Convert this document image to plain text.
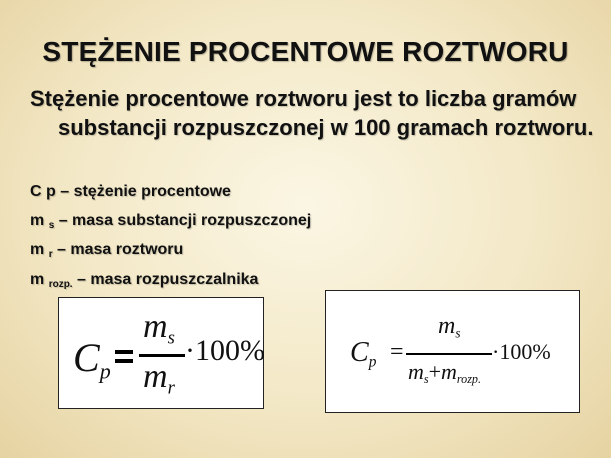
STĘŻENIE PROCENTOWE ROZTWORU
Stężenie procentowe roztworu jest to liczba gramów substancji rozpuszczonej w 100 gramach roztworu.
C p – stężenie procentowe
m $_s$ – masa substancji rozpuszczonej
m $_r$ – masa roztworu
m $_{rozp.}$ – masa rozpuszczalnika
$C_p$
$m_s$
$m_r$
·100%	$C_p$ =
$m_s$
$m_s+m_{rozp.}$
·100%
